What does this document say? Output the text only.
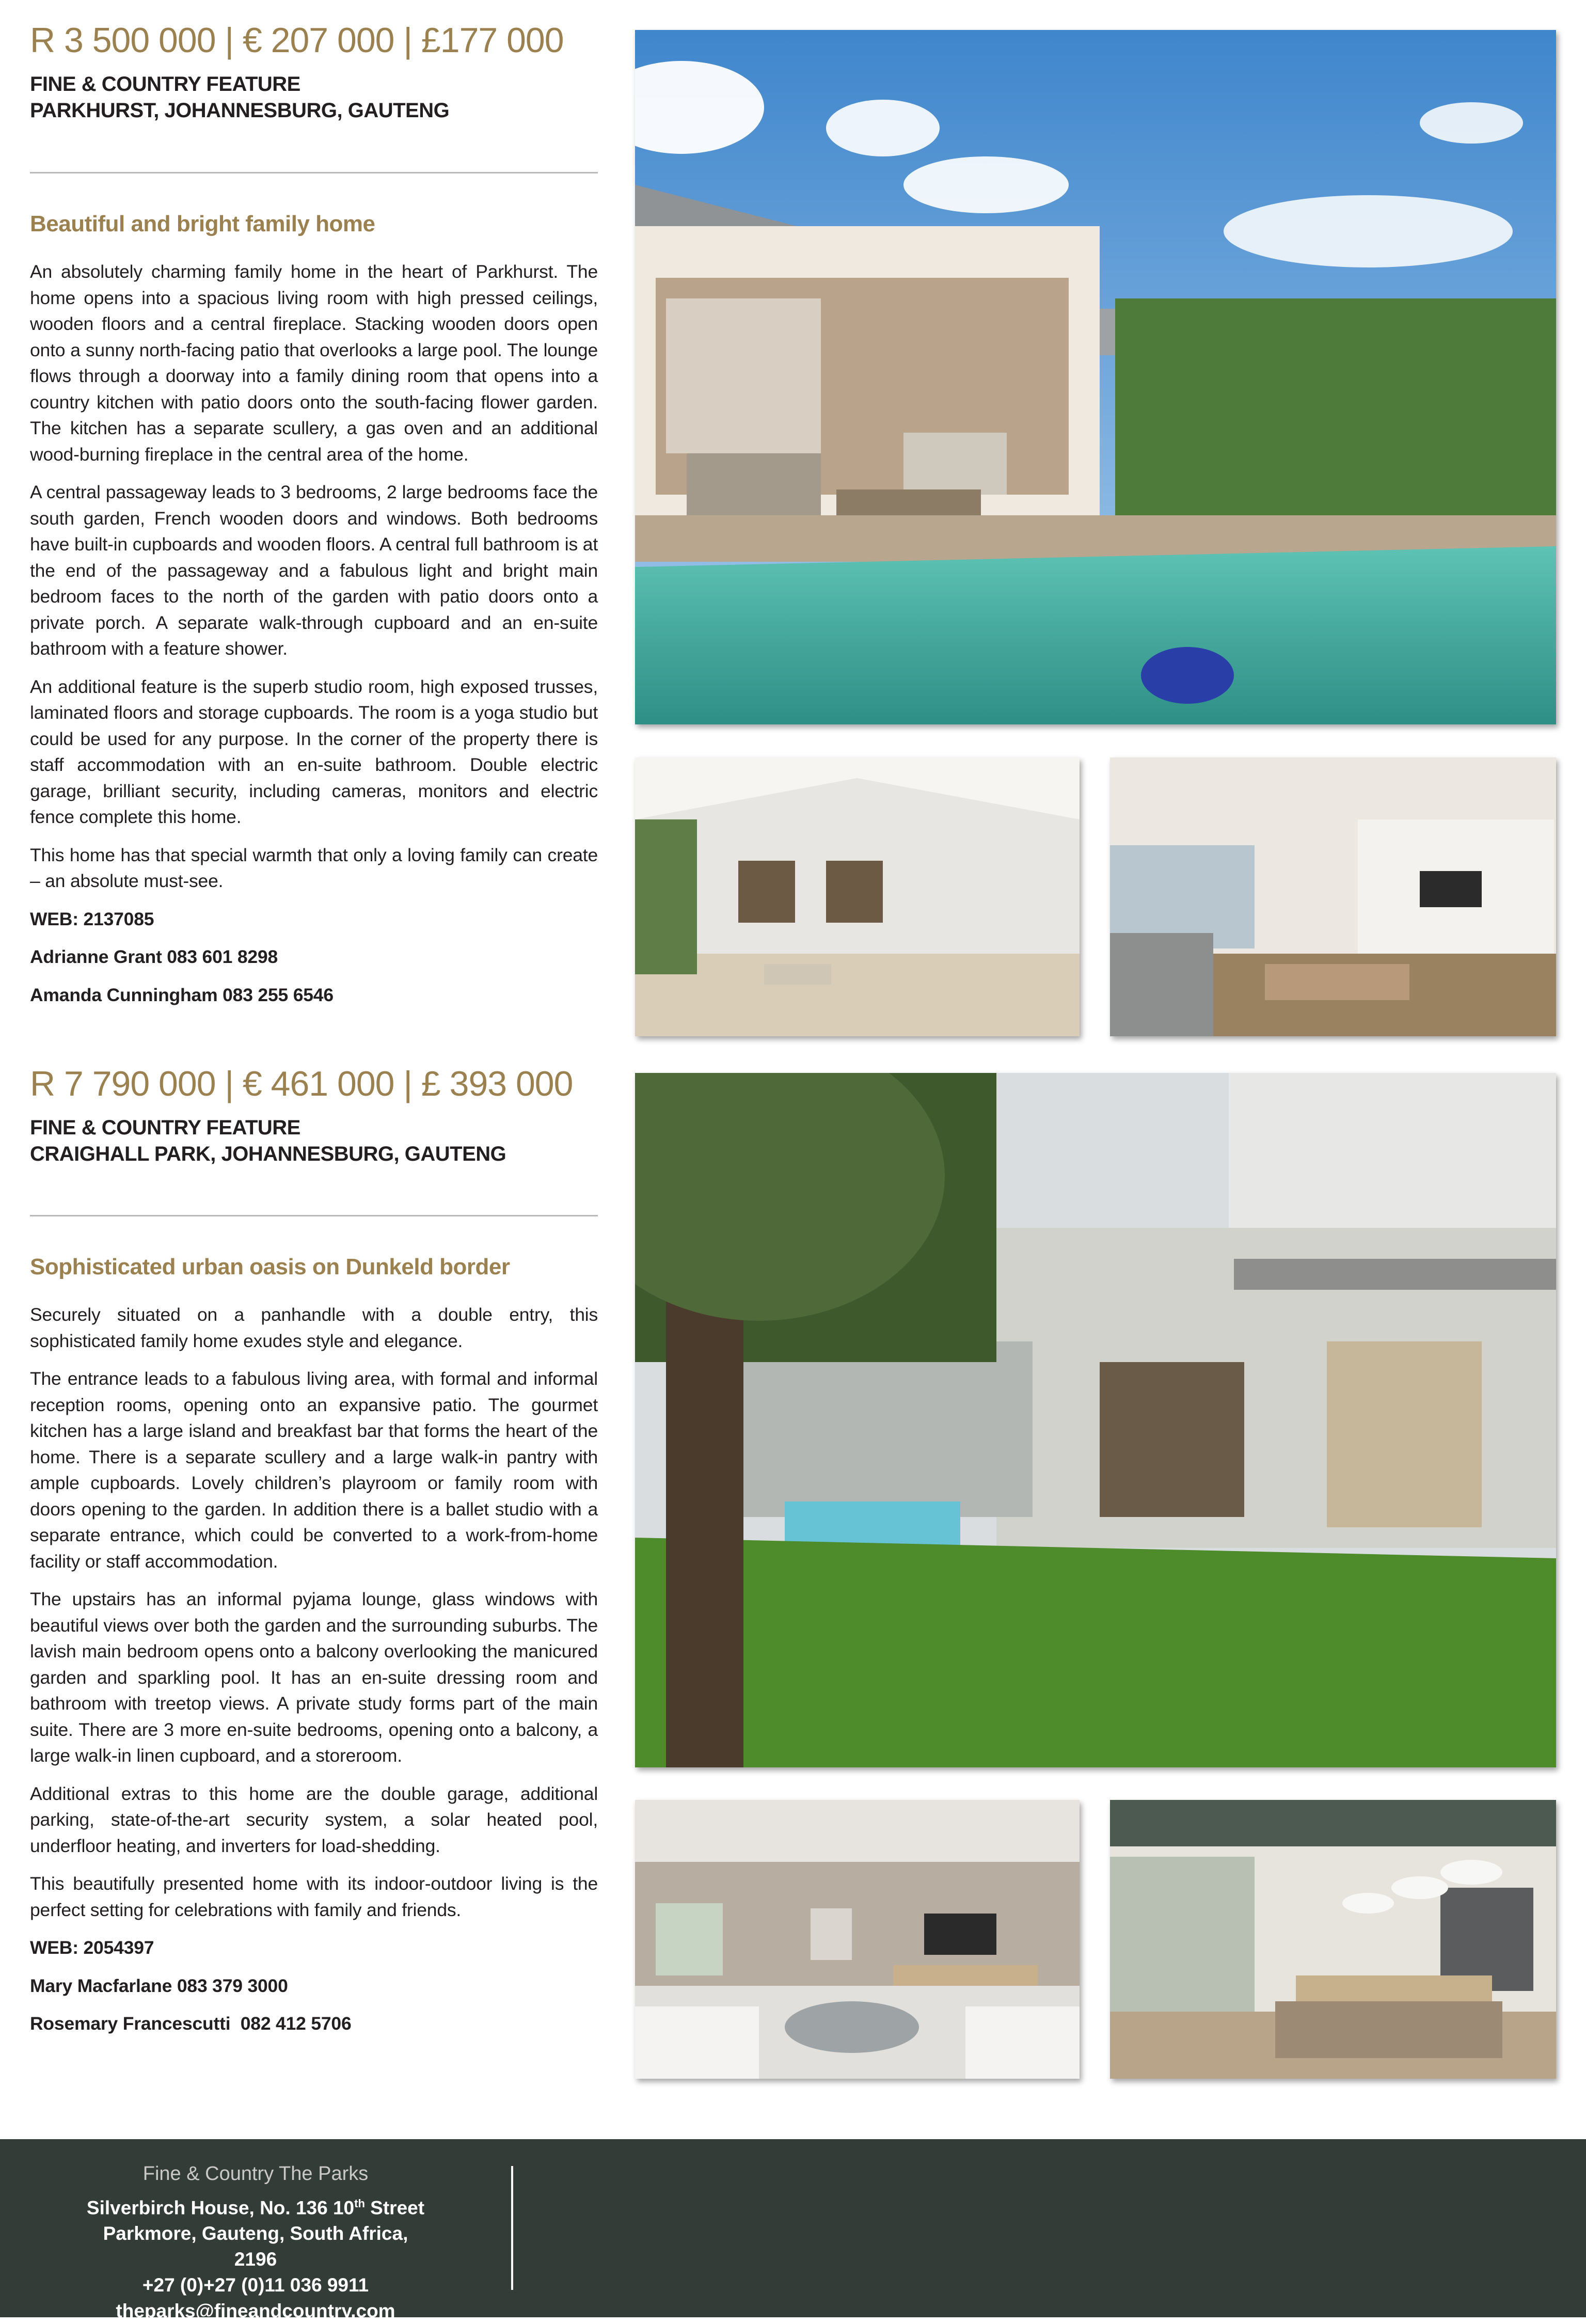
R 3 500 000 | € 207 000 | £177 000

FINE & COUNTRY FEATURE

PARKHURST, JOHANNESBURG, GAUTENG

Beautiful and bright family home

An absolutely charming family home in the heart of Parkhurst. The home opens into a spacious living room with high pressed ceilings, wooden floors and a central fireplace. Stacking wooden doors open onto a sunny north-facing patio that overlooks a large pool. The lounge flows through a doorway into a family dining room that opens into a country kitchen with patio doors onto the south-facing flower garden. The kitchen has a separate scullery, a gas oven and an additional wood-burning fireplace in the central area of the home.

A central passageway leads to 3 bedrooms, 2 large bedrooms face the south garden, French wooden doors and windows. Both bedrooms have built-in cupboards and wooden floors. A central full bathroom is at the end of the passageway and a fabulous light and bright main bedroom faces to the north of the garden with patio doors onto a private porch. A separate walk-through cupboard and an en-suite bathroom with a feature shower.

An additional feature is the superb studio room, high exposed trusses, laminated floors and storage cupboards. The room is a yoga studio but could be used for any purpose. In the corner of the property there is staff accommodation with an en-suite bathroom. Double electric garage, brilliant security, including cameras, monitors and electric fence complete this home.

This home has that special warmth that only a loving family can create – an absolute must-see.

WEB: 2137085

Adrianne Grant 083 601 8298

Amanda Cunningham 083 255 6546

R 7 790 000 | € 461 000 | £ 393 000

FINE & COUNTRY FEATURE

CRAIGHALL PARK, JOHANNESBURG, GAUTENG

Sophisticated urban oasis on Dunkeld border

Securely situated on a panhandle with a double entry, this sophisticated family home exudes style and elegance.

The entrance leads to a fabulous living area, with formal and informal reception rooms, opening onto an expansive patio. The gourmet kitchen has a large island and breakfast bar that forms the heart of the home. There is a separate scullery and a large walk-in pantry with ample cupboards. Lovely children’s playroom or family room with doors opening to the garden. In addition there is a ballet studio with a separate entrance, which could be converted to a work-from-home facility or staff accommodation.

The upstairs has an informal pyjama lounge, glass windows with beautiful views over both the garden and the surrounding suburbs. The lavish main bedroom opens onto a balcony overlooking the manicured garden and sparkling pool. It has an en-suite dressing room and bathroom with treetop views. A private study forms part of the main suite. There are 3 more en-suite bedrooms, opening onto a balcony, a large walk-in linen cupboard, and a storeroom.

Additional extras to this home are the double garage, additional parking, state-of-the-art security system, a solar heated pool, underfloor heating, and inverters for load-shedding.

This beautifully presented home with its indoor-outdoor living is the perfect setting for celebrations with family and friends.

WEB: 2054397

Mary Macfarlane 083 379 3000

Rosemary Francescutti  082 412 5706

Fine & Country The Parks

Silverbirch House, No. 136 10th Street
Parkmore, Gauteng, South Africa, 2196
+27 (0)+27 (0)11 036 9911
theparks@fineandcountry.com
